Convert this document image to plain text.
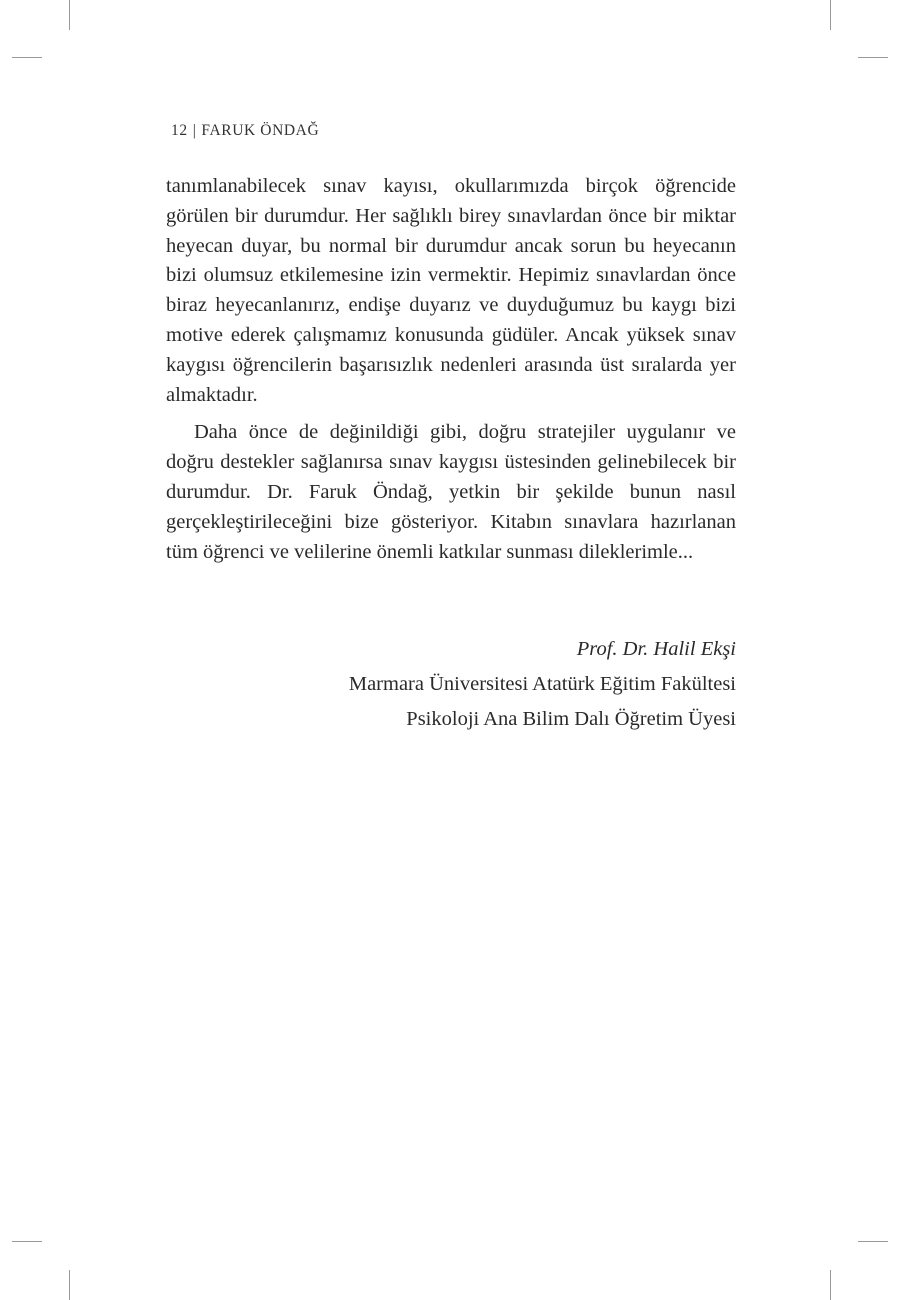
12 | FARUK ÖNDAĞ

tanımlanabilecek sınav kayısı, okullarımızda birçok öğrencide görülen bir durumdur. Her sağlıklı birey sınavlardan önce bir miktar heyecan duyar, bu normal bir durumdur ancak sorun bu heyecanın bizi olumsuz etkilemesine izin vermektir. Hepimiz sınavlardan önce biraz heyecanlanırız, endişe duyarız ve duyduğumuz bu kaygı bizi motive ederek çalışmamız konusunda güdüler. Ancak yüksek sınav kaygısı öğrencilerin başarısızlık nedenleri arasında üst sıralarda yer almaktadır.

Daha önce de değinildiği gibi, doğru stratejiler uygulanır ve doğru destekler sağlanırsa sınav kaygısı üstesinden gelinebilecek bir durumdur. Dr. Faruk Öndağ, yetkin bir şekilde bunun nasıl gerçekleştirileceğini bize gösteriyor. Kitabın sınavlara hazırlanan tüm öğrenci ve velilerine önemli katkılar sunması dileklerimle...

Prof. Dr. Halil Ekşi
Marmara Üniversitesi Atatürk Eğitim Fakültesi
Psikoloji Ana Bilim Dalı Öğretim Üyesi
